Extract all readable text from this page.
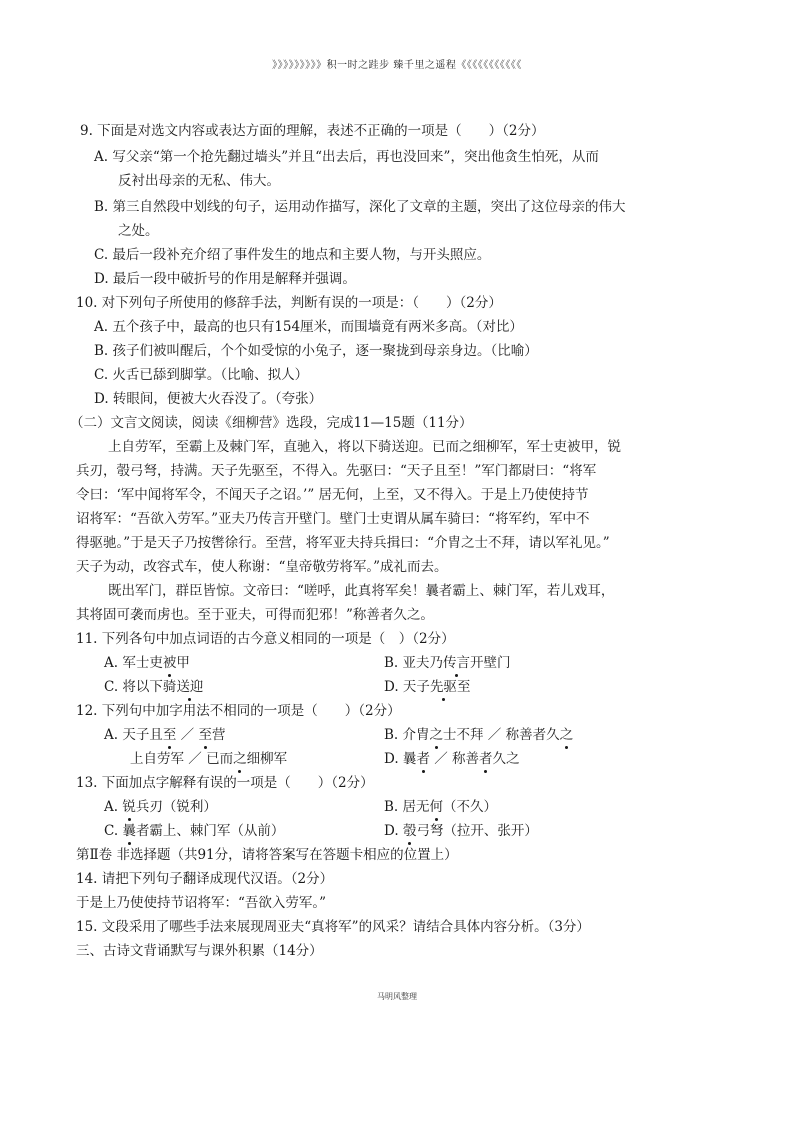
》》》》》》》》》积一时之跬步 臻千里之遥程《《《《《《《《《《《
9. 下面是对选文内容或表达方面的理解，表述不正确的一项是（　　）（2分）
A. 写父亲“第一个抢先翻过墙头”并且“出去后，再也没回来”，突出他贪生怕死，从而
反衬出母亲的无私、伟大。
B. 第三自然段中划线的句子，运用动作描写，深化了文章的主题，突出了这位母亲的伟大
之处。
C. 最后一段补充介绍了事件发生的地点和主要人物，与开头照应。
D. 最后一段中破折号的作用是解释并强调。
10. 对下列句子所使用的修辞手法，判断有误的一项是：（　　）（2分）
A. 五个孩子中，最高的也只有154厘米，而围墙竟有两米多高。（对比）
B. 孩子们被叫醒后，个个如受惊的小兔子，逐一聚拢到母亲身边。（比喻）
C. 火舌已舔到脚掌。（比喻、拟人）
D. 转眼间，便被大火吞没了。（夸张）
（二）文言文阅读，阅读《细柳营》选段，完成11—15题（11分）
上自劳军，至霸上及棘门军，直驰入，将以下骑送迎。已而之细柳军，军士吏被甲，锐
兵刃，彀弓弩，持满。天子先驱至，不得入。先驱曰：“天子且至！”军门都尉曰：“将军
令曰：‘军中闻将军令，不闻天子之诏。’” 居无何，上至，又不得入。于是上乃使使持节
诏将军：“吾欲入劳军。”亚夫乃传言开壁门。壁门士吏谓从属车骑曰：“将军约，军中不
得驱驰。”于是天子乃按辔徐行。至营，将军亚夫持兵揖曰：“介胄之士不拜，请以军礼见。”
天子为动，改容式车，使人称谢：“皇帝敬劳将军。”成礼而去。
既出军门，群臣皆惊。文帝曰：“嗟呼，此真将军矣！曩者霸上、棘门军，若儿戏耳，
其将固可袭而虏也。至于亚夫，可得而犯邪！”称善者久之。
11. 下列各句中加点词语的古今意义相同的一项是（　）（2分）
A. 军士吏被甲	B. 亚夫乃传言开壁门
C. 将以下骑送迎	D. 天子先驱至
12. 下列句中加字用法不相同的一项是（　　）（2分）
A. 天子且至 ／ 至营	B. 介胄之士不拜 ／ 称善者久之
上自劳军 ／ 已而之细柳军	D. 曩者 ／ 称善者久之
13. 下面加点字解释有误的一项是（　　）（2分）
A. 锐兵刃（锐利）	B. 居无何（不久）
C. 曩者霸上、棘门军（从前）	D. 彀弓弩（拉开、张开）
第Ⅱ卷 非选择题（共91分，请将答案写在答题卡相应的位置上）
14. 请把下列句子翻译成现代汉语。（2分）
于是上乃使使持节诏将军：“吾欲入劳军。”
15. 文段采用了哪些手法来展现周亚夫“真将军”的风采？请结合具体内容分析。（3分）
三、古诗文背诵默写与课外积累（14分）
马明风整理
